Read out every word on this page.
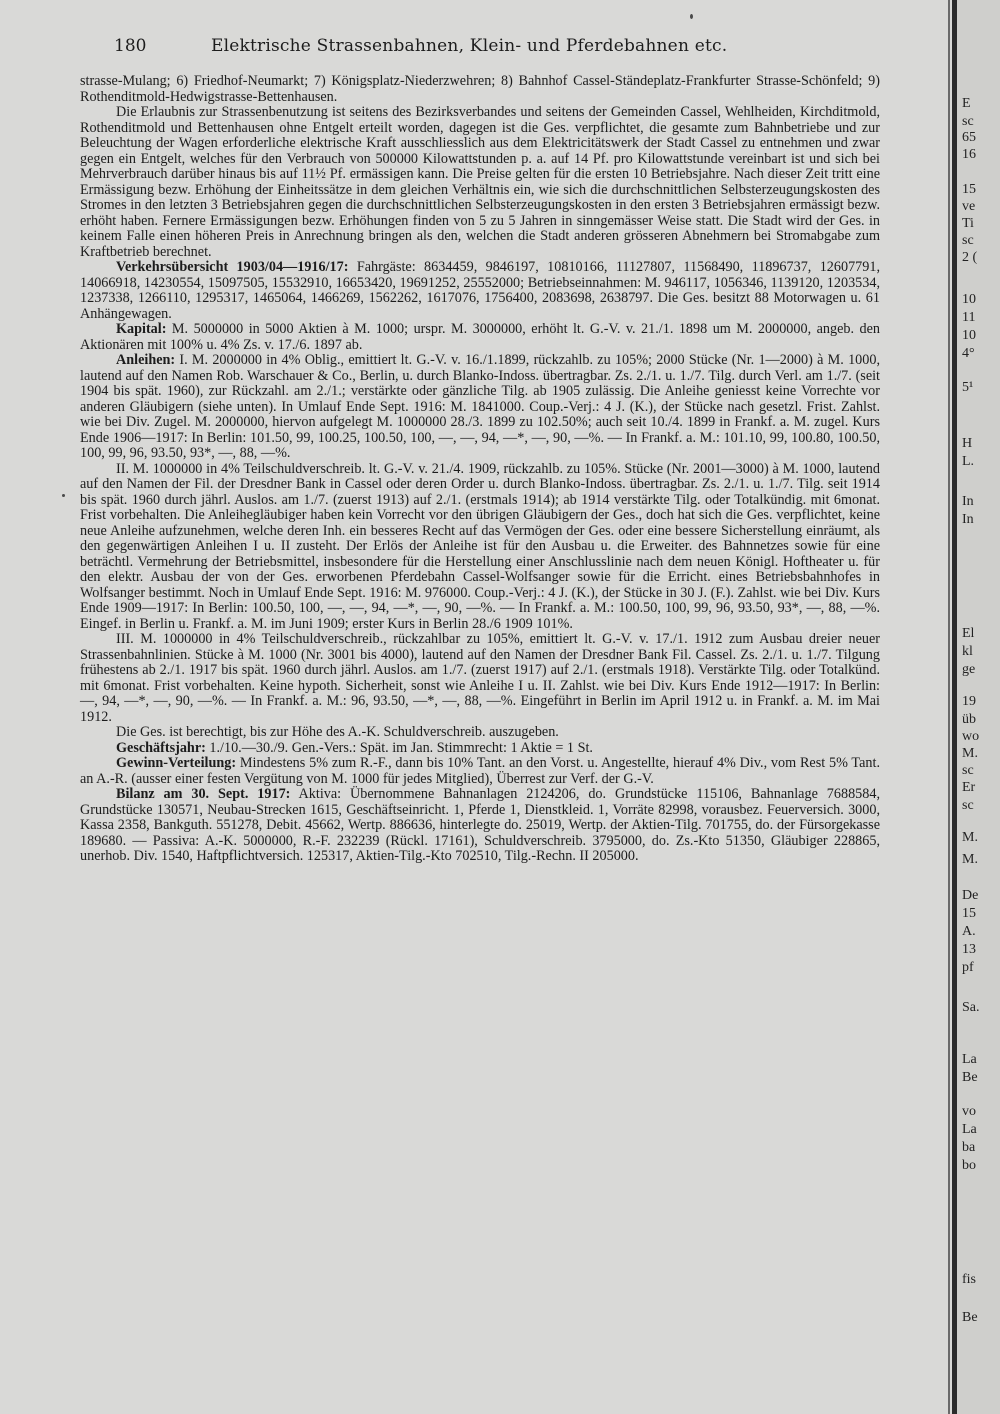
180	Elektrische Strassenbahnen, Klein- und Pferdebahnen etc.

strasse-Mulang; 6) Friedhof-Neumarkt; 7) Königsplatz-Niederzwehren; 8) Bahnhof Cassel-Ständeplatz-Frankfurter Strasse-Schönfeld; 9) Rothenditmold-Hedwigstrasse-Bettenhausen.

Die Erlaubnis zur Strassenbenutzung ist seitens des Bezirksverbandes und seitens der Gemeinden Cassel, Wehlheiden, Kirchditmold, Rothenditmold und Bettenhausen ohne Entgelt erteilt worden, dagegen ist die Ges. verpflichtet, die gesamte zum Bahnbetriebe und zur Beleuchtung der Wagen erforderliche elektrische Kraft ausschliesslich aus dem Elektricitätswerk der Stadt Cassel zu entnehmen und zwar gegen ein Entgelt, welches für den Verbrauch von 500000 Kilowattstunden p. a. auf 14 Pf. pro Kilowattstunde vereinbart ist und sich bei Mehrverbrauch darüber hinaus bis auf 11½ Pf. ermässigen kann. Die Preise gelten für die ersten 10 Betriebsjahre. Nach dieser Zeit tritt eine Ermässigung bezw. Erhöhung der Einheitssätze in dem gleichen Verhältnis ein, wie sich die durchschnittlichen Selbsterzeugungskosten des Stromes in den letzten 3 Betriebsjahren gegen die durchschnittlichen Selbsterzeugungskosten in den ersten 3 Betriebsjahren ermässigt bezw. erhöht haben. Fernere Ermässigungen bezw. Erhöhungen finden von 5 zu 5 Jahren in sinngemässer Weise statt. Die Stadt wird der Ges. in keinem Falle einen höheren Preis in Anrechnung bringen als den, welchen die Stadt anderen grösseren Abnehmern bei Stromabgabe zum Kraftbetrieb berechnet.

Verkehrsübersicht 1903/04—1916/17: Fahrgäste: 8634459, 9846197, 10810166, 11127807, 11568490, 11896737, 12607791, 14066918, 14230554, 15097505, 15532910, 16653420, 19691252, 25552000; Betriebseinnahmen: M. 946117, 1056346, 1139120, 1203534, 1237338, 1266110, 1295317, 1465064, 1466269, 1562262, 1617076, 1756400, 2083698, 2638797. Die Ges. besitzt 88 Motorwagen u. 61 Anhängewagen.

Kapital: M. 5000000 in 5000 Aktien à M. 1000; urspr. M. 3000000, erhöht lt. G.-V. v. 21./1. 1898 um M. 2000000, angeb. den Aktionären mit 100% u. 4% Zs. v. 17./6. 1897 ab.

Anleihen: I. M. 2000000 in 4% Oblig., emittiert lt. G.-V. v. 16./1.1899, rückzahlb. zu 105%; 2000 Stücke (Nr. 1—2000) à M. 1000, lautend auf den Namen Rob. Warschauer & Co., Berlin, u. durch Blanko-Indoss. übertragbar. Zs. 2./1. u. 1./7. Tilg. durch Verl. am 1./7. (seit 1904 bis spät. 1960), zur Rückzahl. am 2./1.; verstärkte oder gänzliche Tilg. ab 1905 zulässig. Die Anleihe geniesst keine Vorrechte vor anderen Gläubigern (siehe unten). In Umlauf Ende Sept. 1916: M. 1841000. Coup.-Verj.: 4 J. (K.), der Stücke nach gesetzl. Frist. Zahlst. wie bei Div. Zugel. M. 2000000, hiervon aufgelegt M. 1000000 28./3. 1899 zu 102.50%; auch seit 10./4. 1899 in Frankf. a. M. zugel. Kurs Ende 1906—1917: In Berlin: 101.50, 99, 100.25, 100.50, 100, —, —, 94, —*, —, 90, —%. — In Frankf. a. M.: 101.10, 99, 100.80, 100.50, 100, 99, 96, 93.50, 93*, —, 88, —%.

II. M. 1000000 in 4% Teilschuldverschreib. lt. G.-V. v. 21./4. 1909, rückzahlb. zu 105%. Stücke (Nr. 2001—3000) à M. 1000, lautend auf den Namen der Fil. der Dresdner Bank in Cassel oder deren Order u. durch Blanko-Indoss. übertragbar. Zs. 2./1. u. 1./7. Tilg. seit 1914 bis spät. 1960 durch jährl. Auslos. am 1./7. (zuerst 1913) auf 2./1. (erstmals 1914); ab 1914 verstärkte Tilg. oder Totalkündig. mit 6monat. Frist vorbehalten. Die Anleihegläubiger haben kein Vorrecht vor den übrigen Gläubigern der Ges., doch hat sich die Ges. verpflichtet, keine neue Anleihe aufzunehmen, welche deren Inh. ein besseres Recht auf das Vermögen der Ges. oder eine bessere Sicherstellung einräumt, als den gegenwärtigen Anleihen I u. II zusteht. Der Erlös der Anleihe ist für den Ausbau u. die Erweiter. des Bahnnetzes sowie für eine beträchtl. Vermehrung der Betriebsmittel, insbesondere für die Herstellung einer Anschlusslinie nach dem neuen Königl. Hoftheater u. für den elektr. Ausbau der von der Ges. erworbenen Pferdebahn Cassel-Wolfsanger sowie für die Erricht. eines Betriebsbahnhofes in Wolfsanger bestimmt. Noch in Umlauf Ende Sept. 1916: M. 976000. Coup.-Verj.: 4 J. (K.), der Stücke in 30 J. (F.). Zahlst. wie bei Div. Kurs Ende 1909—1917: In Berlin: 100.50, 100, —, —, 94, —*, —, 90, —%. — In Frankf. a. M.: 100.50, 100, 99, 96, 93.50, 93*, —, 88, —%. Eingef. in Berlin u. Frankf. a. M. im Juni 1909; erster Kurs in Berlin 28./6 1909 101%.

III. M. 1000000 in 4% Teilschuldverschreib., rückzahlbar zu 105%, emittiert lt. G.-V. v. 17./1. 1912 zum Ausbau dreier neuer Strassenbahnlinien. Stücke à M. 1000 (Nr. 3001 bis 4000), lautend auf den Namen der Dresdner Bank Fil. Cassel. Zs. 2./1. u. 1./7. Tilgung frühestens ab 2./1. 1917 bis spät. 1960 durch jährl. Auslos. am 1./7. (zuerst 1917) auf 2./1. (erstmals 1918). Verstärkte Tilg. oder Totalkünd. mit 6monat. Frist vorbehalten. Keine hypoth. Sicherheit, sonst wie Anleihe I u. II. Zahlst. wie bei Div. Kurs Ende 1912—1917: In Berlin: —, 94, —*, —, 90, —%. — In Frankf. a. M.: 96, 93.50, —*, —, 88, —%. Eingeführt in Berlin im April 1912 u. in Frankf. a. M. im Mai 1912.

Die Ges. ist berechtigt, bis zur Höhe des A.-K. Schuldverschreib. auszugeben.

Geschäftsjahr: 1./10.—30./9. Gen.-Vers.: Spät. im Jan. Stimmrecht: 1 Aktie = 1 St.

Gewinn-Verteilung: Mindestens 5% zum R.-F., dann bis 10% Tant. an den Vorst. u. Angestellte, hierauf 4% Div., vom Rest 5% Tant. an A.-R. (ausser einer festen Vergütung von M. 1000 für jedes Mitglied), Überrest zur Verf. der G.-V.

Bilanz am 30. Sept. 1917: Aktiva: Übernommene Bahnanlagen 2124206, do. Grundstücke 115106, Bahnanlage 7688584, Grundstücke 130571, Neubau-Strecken 1615, Geschäftseinricht. 1, Pferde 1, Dienstkleid. 1, Vorräte 82998, vorausbez. Feuerversich. 3000, Kassa 2358, Bankguth. 551278, Debit. 45662, Wertp. 886636, hinterlegte do. 25019, Wertp. der Aktien-Tilg. 701755, do. der Fürsorgekasse 189680. — Passiva: A.-K. 5000000, R.-F. 232239 (Rückl. 17161), Schuldverschreib. 3795000, do. Zs.-Kto 51350, Gläubiger 228865, unerhob. Div. 1540, Haftpflichtversich. 125317, Aktien-Tilg.-Kto 702510, Tilg.-Rechn. II 205000.

E
sc
65
16
15
ve
Ti
sc
2 (
10
11
10
4°
5¹
H
L.
In
In
El
kl
ge
19
üb
wo
M.
sc
Er
sc
M.
M.
De
15
A.
13
pf
Sa.
La
Be
vo
La
ba
bo
fis
Be
